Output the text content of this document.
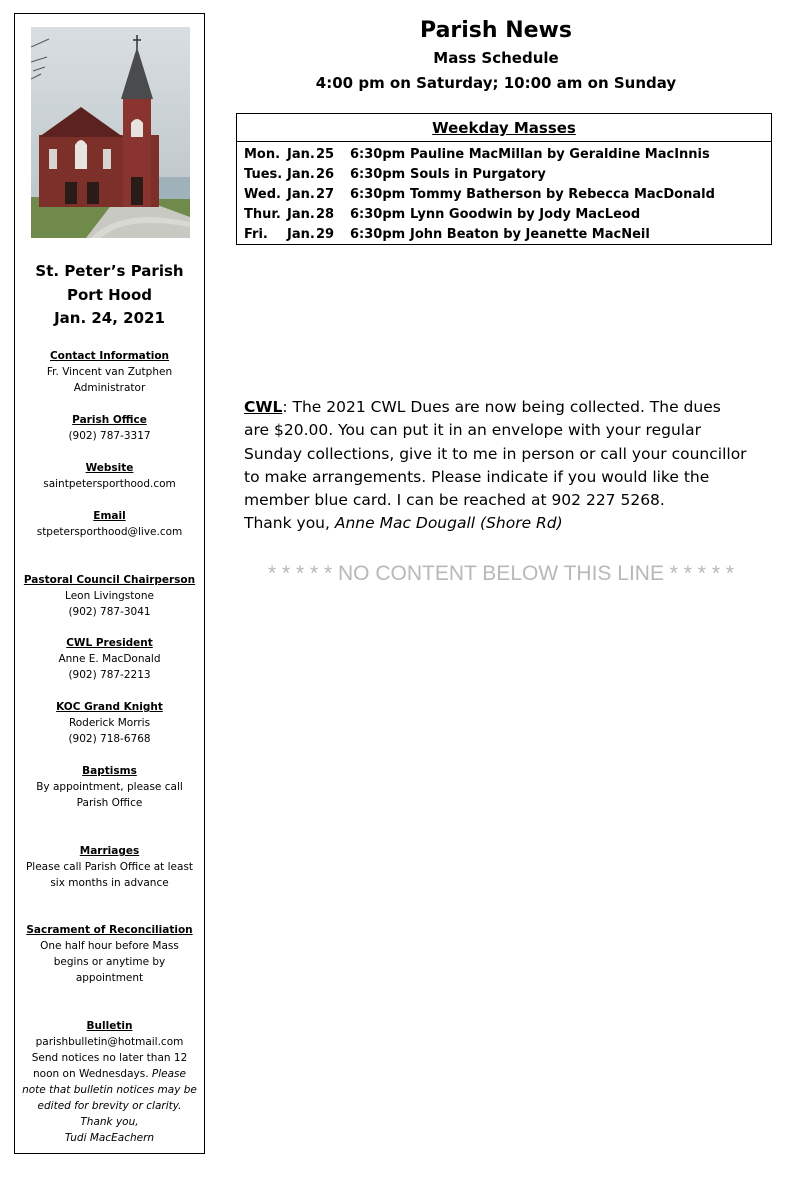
St. Peter’s Parish
Port Hood
Jan. 24, 2021
Contact Information
Fr. Vincent van Zutphen
Administrator
Parish Office
(902) 787-3317
Website
saintpetersporthood.com
Email
stpetersporthood@live.com
Pastoral Council Chairperson
Leon Livingstone
(902) 787-3041
CWL President
Anne E. MacDonald
(902) 787-2213
KOC Grand Knight
Roderick Morris
(902) 718-6768
Baptisms
By appointment, please call
Parish Office
Marriages
Please call Parish Office at least
six months in advance
Sacrament of Reconciliation
One half hour before Mass
begins or anytime by
appointment
Bulletin
parishbulletin@hotmail.com
Send notices no later than 12
noon on Wednesdays. Please
note that bulletin notices may be
edited for brevity or clarity.
Thank you,
Tudi MacEachern
Parish News
Mass Schedule
4:00 pm on Saturday; 10:00 am on Sunday
Weekday Masses
Mon. Jan. 25	6:30pm Pauline MacMillan by Geraldine MacInnis
Tues. Jan. 26	6:30pm Souls in Purgatory
Wed. Jan. 27	6:30pm Tommy Batherson by Rebecca MacDonald
Thur. Jan. 28	6:30pm Lynn Goodwin by Jody MacLeod
Fri.	Jan. 29	6:30pm John Beaton by Jeanette MacNeil
CWL: The 2021 CWL Dues are now being collected. The dues
are $20.00. You can put it in an envelope with your regular
Sunday collections, give it to me in person or call your councillor
to make arrangements. Please indicate if you would like the
member blue card. I can be reached at 902 227 5268.
Thank you, Anne Mac Dougall (Shore Rd)
* * * * * NO CONTENT BELOW THIS LINE * * * * *
